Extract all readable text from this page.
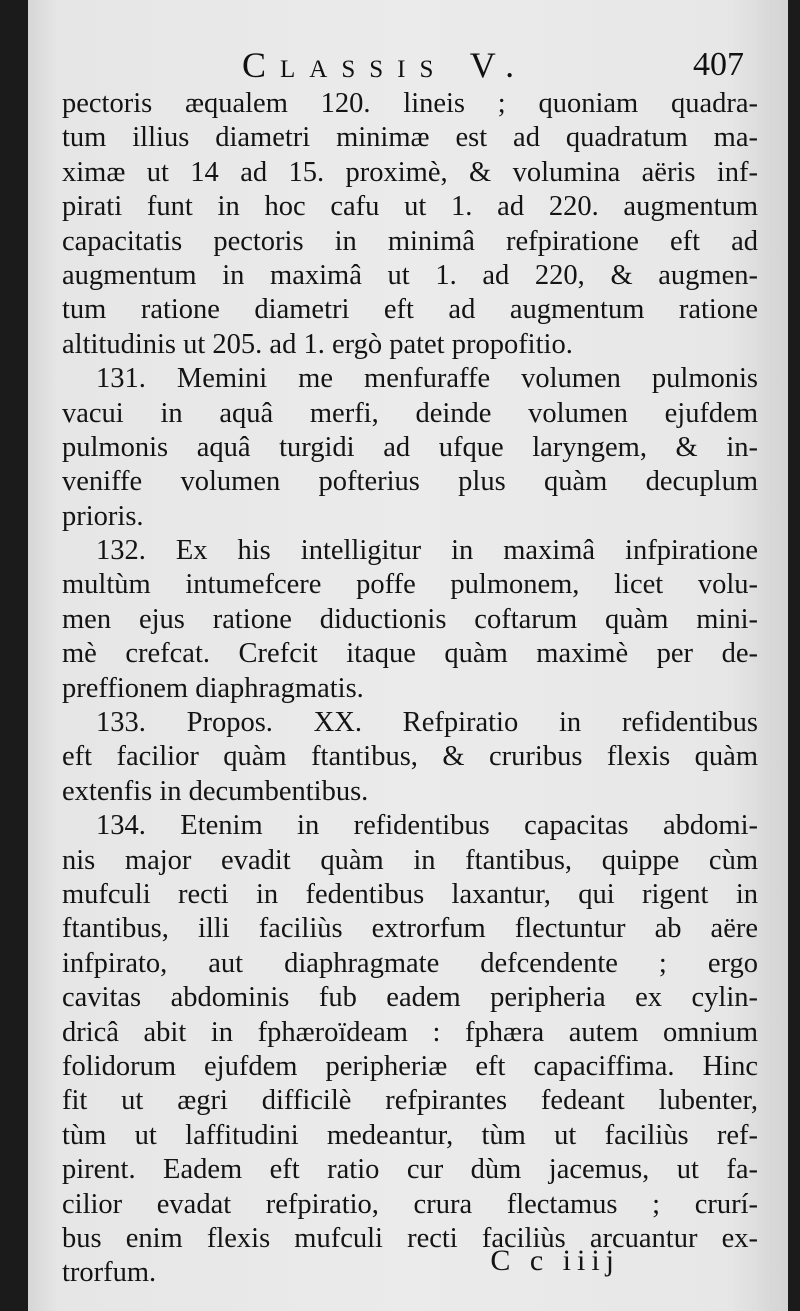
Classis V.	407
pectoris æqualem 120. lineis ; quoniam quadra-
tum illius diametri minimæ est ad quadratum ma-
ximæ ut 14 ad 15. proximè, & volumina aëris inf-
pirati funt in hoc cafu ut 1. ad 220. augmentum
capacitatis pectoris in minimâ refpiratione eft ad
augmentum in maximâ ut 1. ad 220, & augmen-
tum ratione diametri eft ad augmentum ratione
altitudinis ut 205. ad 1. ergò patet propofitio.
131. Memini me menfuraffe volumen pulmonis
vacui in aquâ merfi, deinde volumen ejufdem
pulmonis aquâ turgidi ad ufque laryngem, & in-
veniffe volumen pofterius plus quàm decuplum
prioris.
132. Ex his intelligitur in maximâ infpiratione
multùm intumefcere poffe pulmonem, licet volu-
men ejus ratione diductionis coftarum quàm mini-
mè crefcat. Crefcit itaque quàm maximè per de-
preffionem diaphragmatis.
133. Propos. XX. Refpiratio in refidentibus
eft facilior quàm ftantibus, & cruribus flexis quàm
extenfis in decumbentibus.
134. Etenim in refidentibus capacitas abdomi-
nis major evadit quàm in ftantibus, quippe cùm
mufculi recti in fedentibus laxantur, qui rigent in
ftantibus, illi faciliùs extrorfum flectuntur ab aëre
infpirato, aut diaphragmate defcendente ; ergo
cavitas abdominis fub eadem peripheria ex cylin-
dricâ abit in fphæroïdeam : fphæra autem omnium
folidorum ejufdem peripheriæ eft capaciffima. Hinc
fit ut ægri difficilè refpirantes fedeant lubenter,
tùm ut laffitudini medeantur, tùm ut faciliùs ref-
pirent. Eadem eft ratio cur dùm jacemus, ut fa-
cilior evadat refpiratio, crura flectamus ; crurí-
bus enim flexis mufculi recti faciliùs arcuantur ex-
trorfum.	C c iiij
